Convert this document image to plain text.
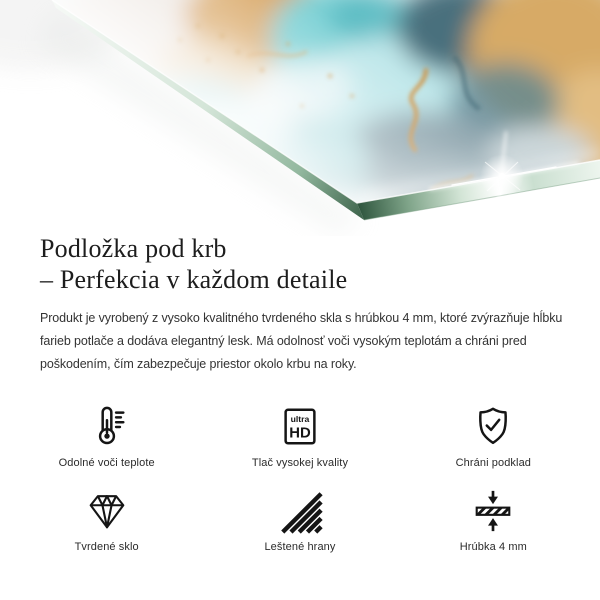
Podložka pod krb
– Perfekcia v každom detaile
Produkt je vyrobený z vysoko kvalitného tvrdeného skla s hrúbkou 4 mm, ktoré zvýrazňuje hĺbku
farieb potlače a dodáva elegantný lesk. Má odolnosť voči vysokým teplotám a chráni pred
poškodením, čím zabezpečuje priestor okolo krbu na roky.
Odolné voči teplote
ultra
HD
Tlač vysokej kvality	Chráni podklad
Tvrdené sklo	Leštené hrany	Hrúbka 4 mm
